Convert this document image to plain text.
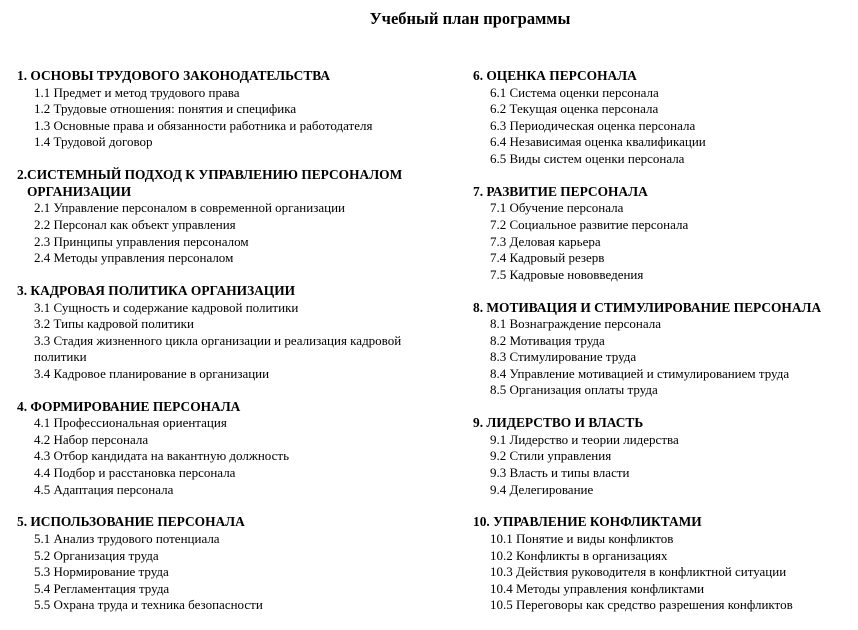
Учебный план программы
1. ОСНОВЫ ТРУДОВОГО ЗАКОНОДАТЕЛЬСТВА
1.1 Предмет и метод трудового права
1.2 Трудовые отношения: понятия и специфика
1.3 Основные права и обязанности работника и работодателя
1.4 Трудовой договор
2.СИСТЕМНЫЙ ПОДХОД К УПРАВЛЕНИЮ ПЕРСОНАЛОМ
ОРГАНИЗАЦИИ
2.1 Управление персоналом в современной организации
2.2 Персонал как объект управления
2.3 Принципы управления персоналом
2.4 Методы управления персоналом
3. КАДРОВАЯ ПОЛИТИКА ОРГАНИЗАЦИИ
3.1 Сущность и содержание кадровой политики
3.2 Типы кадровой политики
3.3 Стадия жизненного цикла организации и реализация кадровой политики
3.4 Кадровое планирование в организации
4. ФОРМИРОВАНИЕ ПЕРСОНАЛА
4.1 Профессиональная ориентация
4.2 Набор персонала
4.3 Отбор кандидата на вакантную должность
4.4 Подбор и расстановка персонала
4.5 Адаптация персонала
5. ИСПОЛЬЗОВАНИЕ ПЕРСОНАЛА
5.1 Анализ трудового потенциала
5.2 Организация труда
5.3 Нормирование труда
5.4 Регламентация труда
5.5 Охрана труда и техника безопасности
6. ОЦЕНКА ПЕРСОНАЛА
6.1 Система оценки персонала
6.2 Текущая оценка персонала
6.3 Периодическая оценка персонала
6.4 Независимая оценка квалификации
6.5 Виды систем оценки персонала
7. РАЗВИТИЕ ПЕРСОНАЛА
7.1 Обучение персонала
7.2 Социальное развитие персонала
7.3 Деловая карьера
7.4 Кадровый резерв
7.5 Кадровые нововведения
8. МОТИВАЦИЯ И СТИМУЛИРОВАНИЕ ПЕРСОНАЛА
8.1 Вознаграждение персонала
8.2 Мотивация труда
8.3 Стимулирование труда
8.4 Управление мотивацией и стимулированием труда
8.5 Организация оплаты труда
9. ЛИДЕРСТВО И ВЛАСТЬ
9.1 Лидерство и теории лидерства
9.2 Стили управления
9.3 Власть и типы власти
9.4 Делегирование
10. УПРАВЛЕНИЕ КОНФЛИКТАМИ
10.1 Понятие и виды конфликтов
10.2 Конфликты в организациях
10.3 Действия руководителя в конфликтной ситуации
10.4 Методы управления конфликтами
10.5 Переговоры как средство разрешения конфликтов
